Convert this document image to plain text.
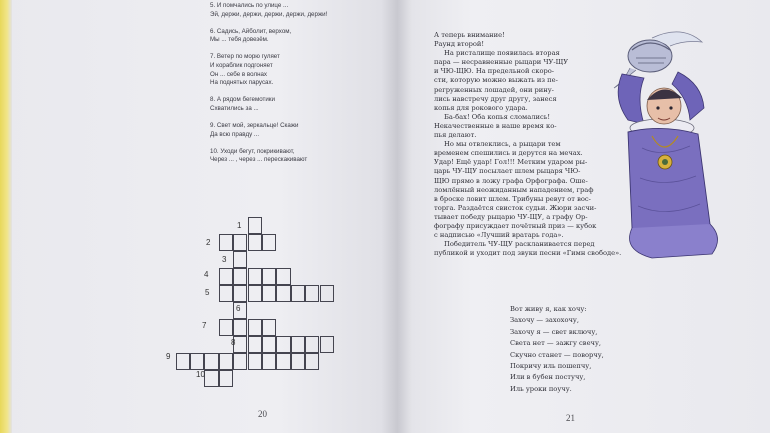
5. И помчались по улице ...
Эй, держи, держи, держи, держи, держи!
6. Садись, Айболит, верхом,
Мы ... тебя довезём.
7. Ветер по морю гуляет
И кораблик подгоняет
Он ... себе в волнах
На поднятых парусах.
8. А рядом бегемотики
Схватились за ...
9. Свет мой, зеркальце! Скажи
Да всю правду ...
10. Уходи бегут, покрикивают,
Через ... , через ... перескакивают
1
2
3
4
5
6
7
8
9
10
20

А теперь внимание!

Раунд второй!

На ристалище появилась вторая

пара — несравненные рыцари ЧУ-ЩУ

и ЧЮ-ЩЮ. На предельной скоро-

сти, которую можно выжать из пе-

регруженных лошадей, они рину-

лись навстречу друг другу, занеся

копья для рокового удара.

Ба-бах! Оба копья сломались!

Некачественные в наше время ко-

пья делают.

Но мы отвлеклись, а рыцари тем

временем спешились и дерутся на мечах.

Удар! Ещё удар! Гол!!! Метким ударом ры-

царь ЧУ-ЩУ посылает шлем рыцаря ЧЮ-

ЩЮ прямо в ложу графа Орфографа. Ошe-

ломлённый неожиданным нападением, граф

в броске ловит шлем. Трибуны ревут от вос-

торга. Раздаётся свисток судьи. Жюри засчи-

тывает победу рыцарю ЧУ-ЩУ, а графу Ор-

фографу присуждает почётный приз — кубок

с надписью «Лучший вратарь года».

Победитель ЧУ-ЩУ раскланивается перед

публикой и уходит под звуки песни «Гимн свободе».

Вот живу я, как хочу:

Захочу — захохочу,

Захочу я — свет включу,

Света нет — зажгу свечу,

Скучно станет — поворчу,

Покричу иль пошепчу,

Или в бубен постучу,

Иль уроки поучу.

21
